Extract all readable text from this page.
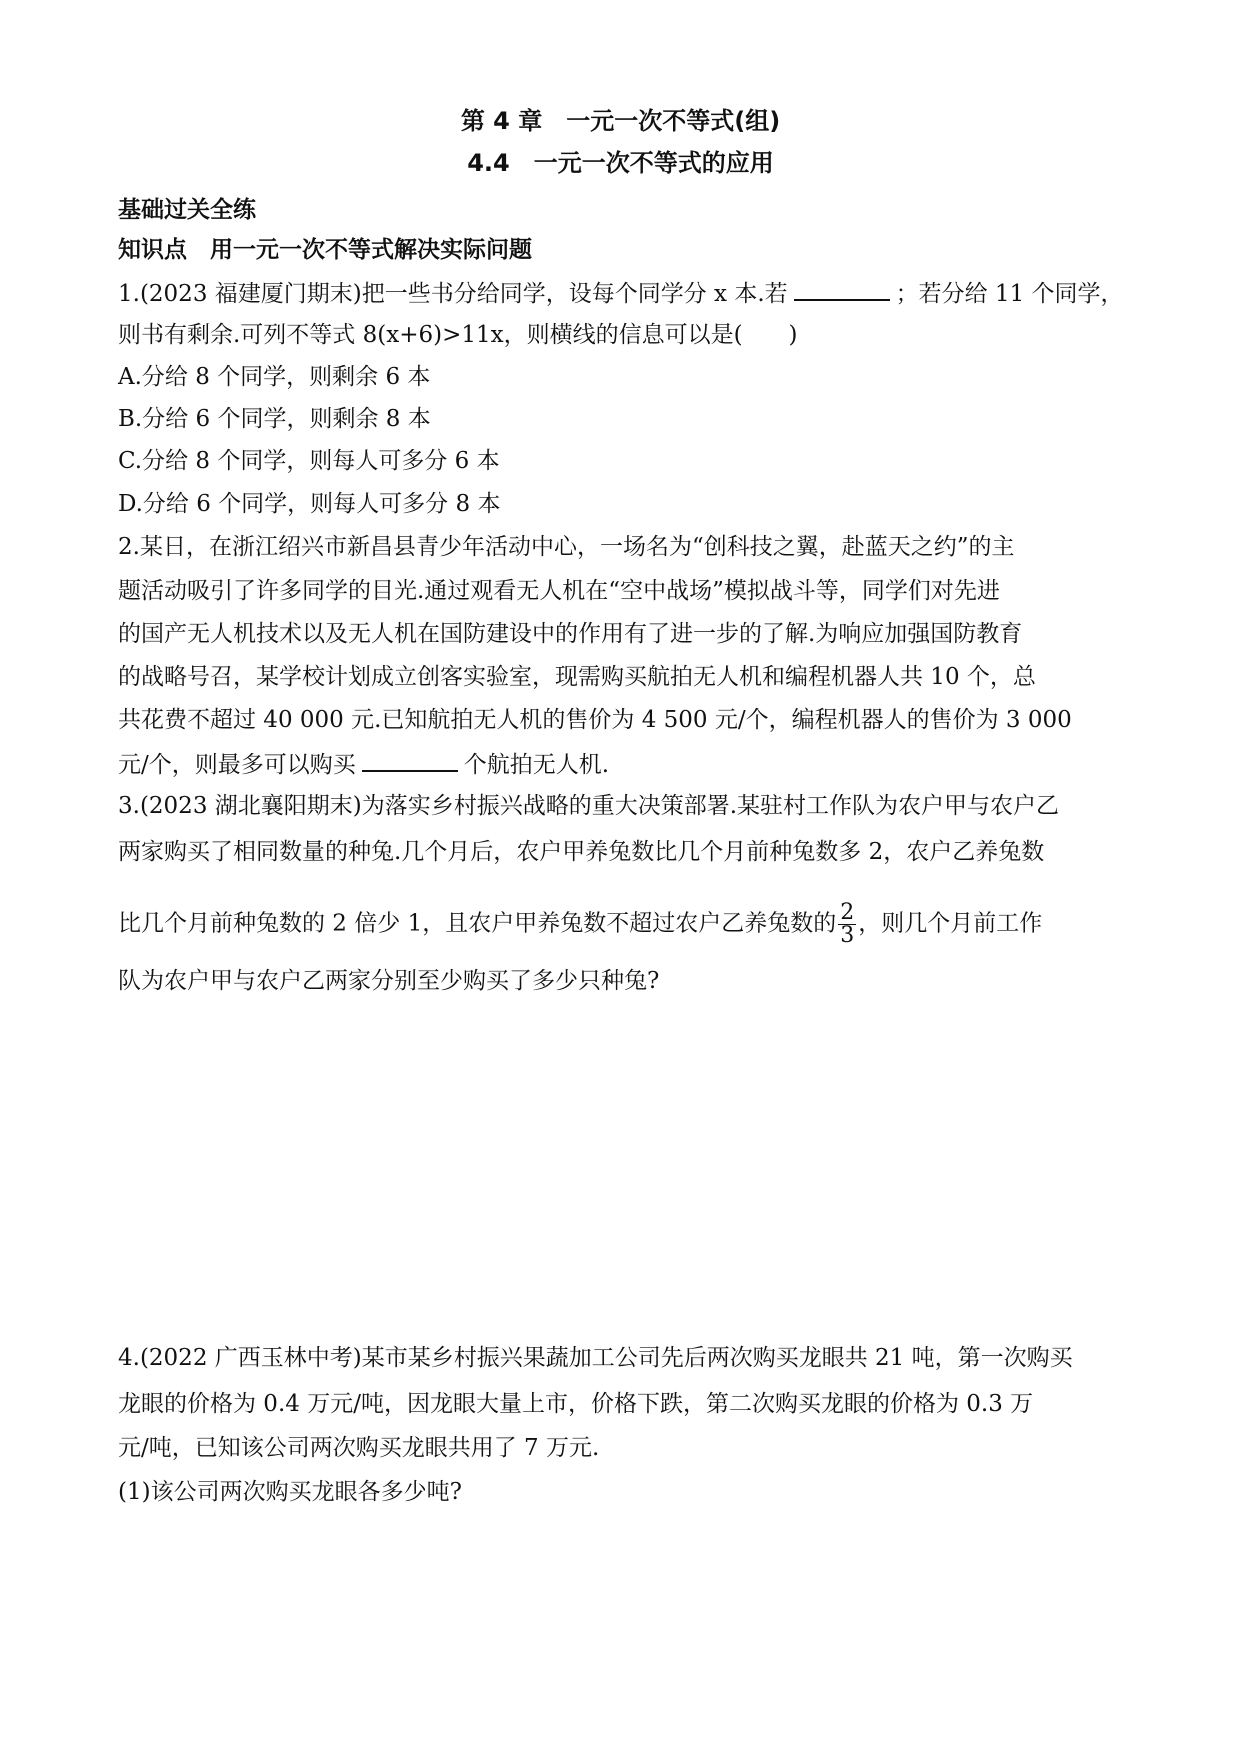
第 4 章　一元一次不等式(组)
4.4　一元一次不等式的应用
基础过关全练
知识点　用一元一次不等式解决实际问题
1.(2023 福建厦门期末)把一些书分给同学，设每个同学分 x 本.若	；若分给 11 个同学，
则书有剩余.可列不等式 8(x+6)>11x，则横线的信息可以是(　　)
A.分给 8 个同学，则剩余 6 本
B.分给 6 个同学，则剩余 8 本
C.分给 8 个同学，则每人可多分 6 本
D.分给 6 个同学，则每人可多分 8 本
2.某日，在浙江绍兴市新昌县青少年活动中心，一场名为“创科技之翼，赴蓝天之约”的主
题活动吸引了许多同学的目光.通过观看无人机在“空中战场”模拟战斗等，同学们对先进
的国产无人机技术以及无人机在国防建设中的作用有了进一步的了解.为响应加强国防教育
的战略号召，某学校计划成立创客实验室，现需购买航拍无人机和编程机器人共 10 个，总
共花费不超过 40 000 元.已知航拍无人机的售价为 4 500 元/个，编程机器人的售价为 3 000
元/个，则最多可以购买	个航拍无人机.
3.(2023 湖北襄阳期末)为落实乡村振兴战略的重大决策部署.某驻村工作队为农户甲与农户乙
两家购买了相同数量的种兔.几个月后，农户甲养兔数比几个月前种兔数多 2，农户乙养兔数
比几个月前种兔数的 2 倍少 1，且农户甲养兔数不超过农户乙养兔数的 $\frac{2}{3}$ ，则几个月前工作
队为农户甲与农户乙两家分别至少购买了多少只种兔?
4.(2022 广西玉林中考)某市某乡村振兴果蔬加工公司先后两次购买龙眼共 21 吨，第一次购买
龙眼的价格为 0.4 万元/吨，因龙眼大量上市，价格下跌，第二次购买龙眼的价格为 0.3 万
元/吨，已知该公司两次购买龙眼共用了 7 万元.
(1)该公司两次购买龙眼各多少吨?
